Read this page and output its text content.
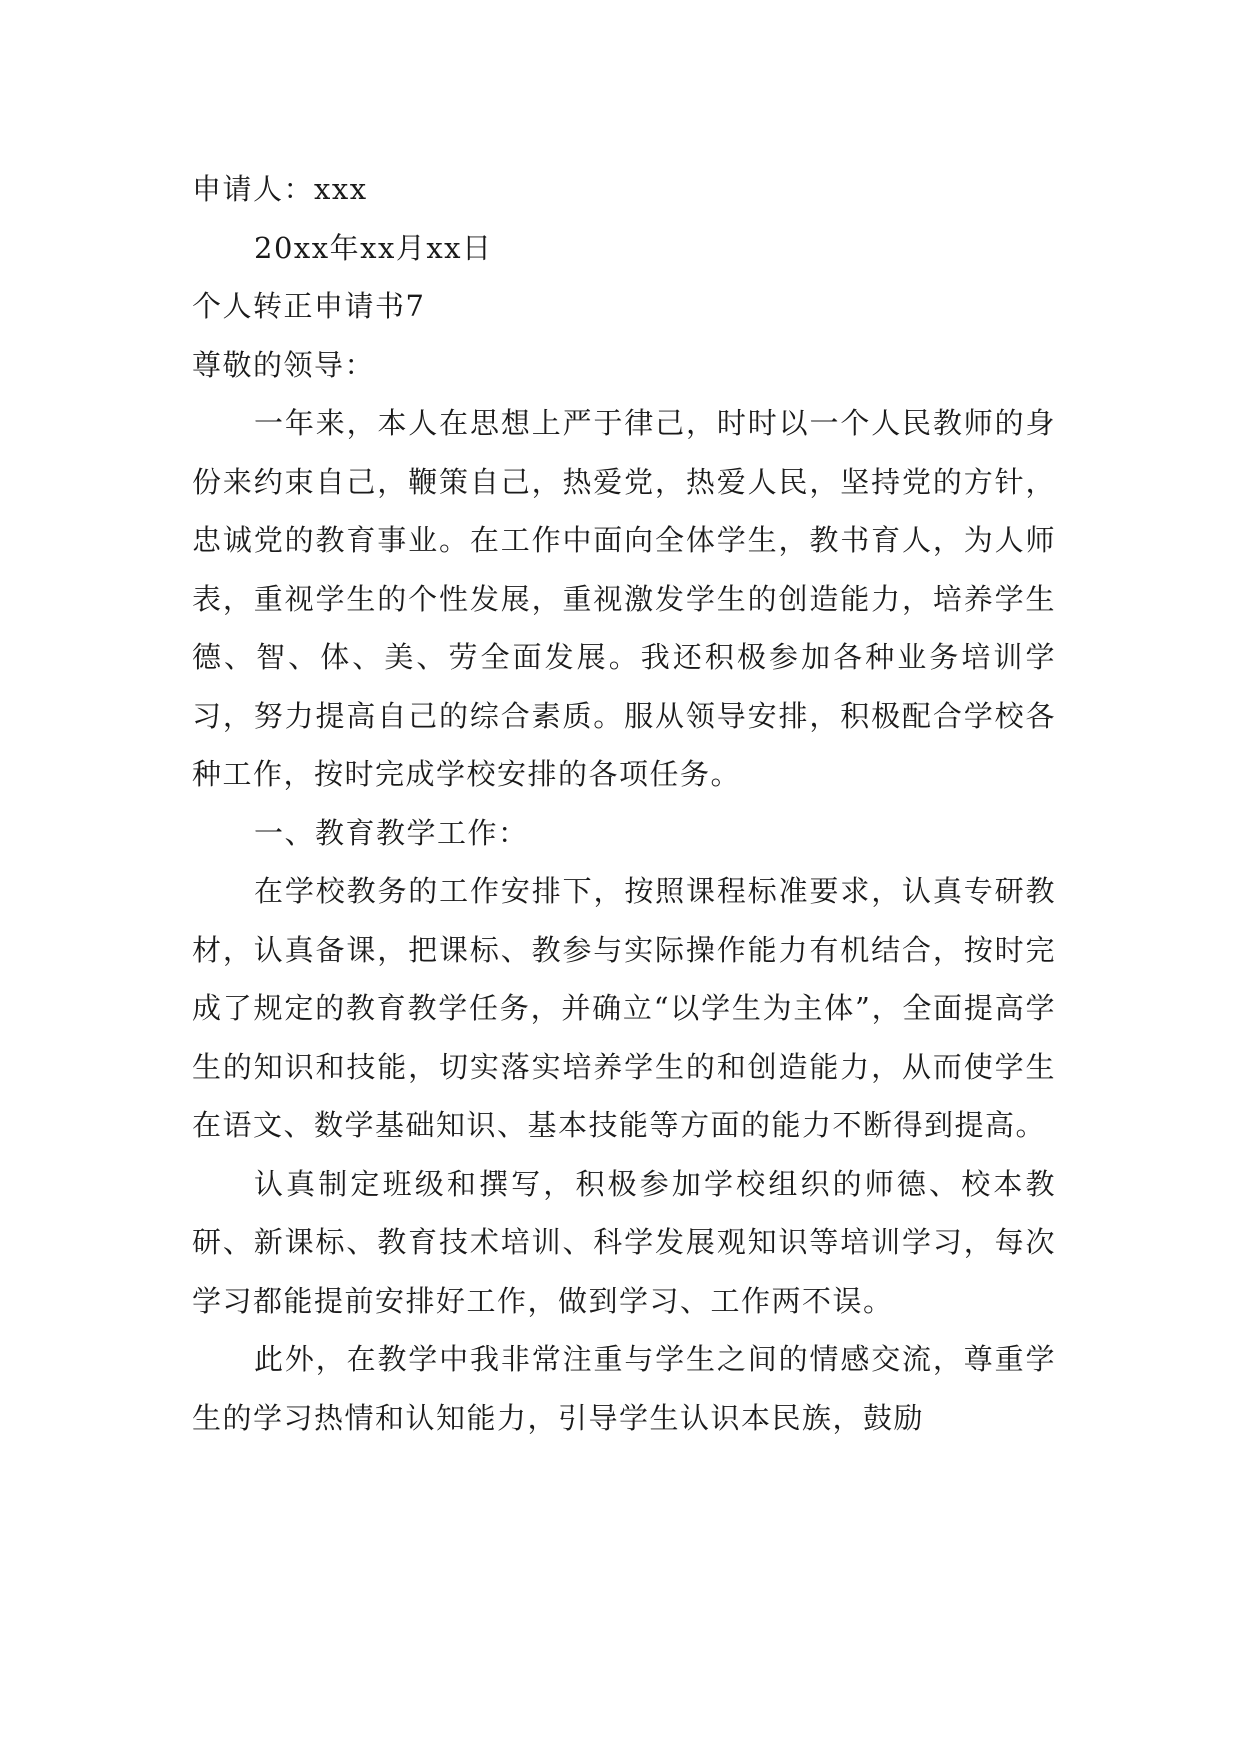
申请人：xxx

20xx年xx月xx日

个人转正申请书7

尊敬的领导：

一年来，本人在思想上严于律己，时时以一个人民教师的身份来约束自己，鞭策自己，热爱党，热爱人民，坚持党的方针，忠诚党的教育事业。在工作中面向全体学生，教书育人，为人师表，重视学生的个性发展，重视激发学生的创造能力，培养学生德、智、体、美、劳全面发展。我还积极参加各种业务培训学习，努力提高自己的综合素质。服从领导安排，积极配合学校各种工作，按时完成学校安排的各项任务。

一、教育教学工作：

在学校教务的工作安排下，按照课程标准要求，认真专研教材，认真备课，把课标、教参与实际操作能力有机结合，按时完成了规定的教育教学任务，并确立“以学生为主体”，全面提高学生的知识和技能，切实落实培养学生的和创造能力，从而使学生在语文、数学基础知识、基本技能等方面的能力不断得到提高。

认真制定班级和撰写，积极参加学校组织的师德、校本教研、新课标、教育技术培训、科学发展观知识等培训学习，每次学习都能提前安排好工作，做到学习、工作两不误。

此外，在教学中我非常注重与学生之间的情感交流，尊重学生的学习热情和认知能力，引导学生认识本民族，鼓励
